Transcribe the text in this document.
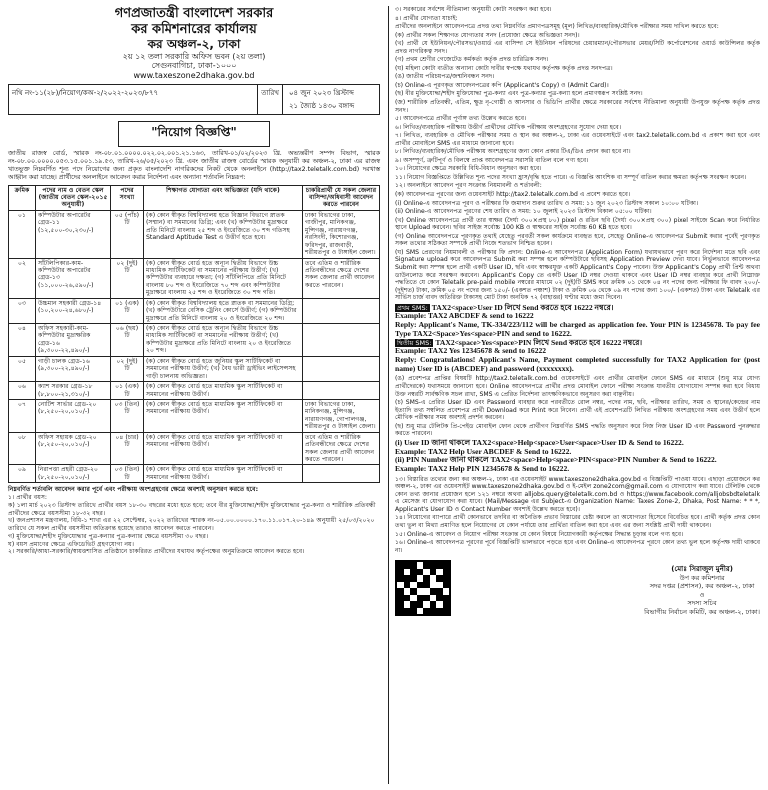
গণপ্রজাতন্ত্রী বাংলাদেশ সরকার
কর কমিশনারের কার্যালয়
কর অঞ্চল-২, ঢাকা
২য় ১২ তলা সরকারি অফিস ভবন (২য় তলা)
সেগুনবাগিচা, ঢাকা-১০০০
www.taxeszone2dhaka.gov.bd
নথি নং-১১(২৮)/নিয়োগ/কঅ-২/২০২২-২০২৩/৮৭৭	তারিখ	০৪ জুন ২০২৩ খ্রিস্টাব্দ
২১ জ্যৈষ্ঠ ১৪৩০ বঙ্গাব্দ
"নিয়োগ বিজ্ঞপ্তি"
জাতীয় রাজস্ব বোর্ড, স্মারক নং-০৮.০১.০০০০.০২২.০২.০০১.২১.১৬৩, তারিখ-০১/০২/২০২৩ খ্রি. অভ্যন্তরীণ সম্পদ বিভাগ, স্মারক নং-০৮.০০.০০০০.০৫৩.১৫.০০১.১৯.৫৩, তারিখ-২৬/০৫/২০২৩ খ্রি. এবং জাতীয় রাজস্ব বোর্ডের স্মারক অনুযায়ী কর অঞ্চল-২, ঢাকা এর রাজস্ব খাতভুক্ত নিম্নবর্ণিত শূন্য পদে নিয়োগের জন্য প্রকৃত বাংলাদেশি নাগরিকদের নিকট থেকে অনলাইনে (http://tax2.teletalk.com.bd) দরখাস্ত আহ্বান করা যাচ্ছে। প্রার্থীদের অনলাইনে আবেদন করার নির্দেশনা এবং অন্যান্য শর্তাবলি নিম্নরূপ:
ক্রমিক	পদের নাম ও বেতন স্কেল (জাতীয় বেতন স্কেল-২০১৫ অনুযায়ী)	পদের সংখ্যা	শিক্ষাগত যোগ্যতা এবং অভিজ্ঞতা (যদি থাকে)	চাকরিপ্রার্থী যে সকল জেলার বাসিন্দা/অধিবাসী আবেদন করতে পারবেন
০১	কম্পিউটার অপারেটর গ্রেড-১১ (১২,৫০০-৩০,২৩০/-)	০৫ (পাঁচ) টি	(ক) কোন স্বীকৃত বিশ্ববিদ্যালয় হতে বিজ্ঞান বিভাগে স্নাতক (সম্মান) বা সমমানের ডিগ্রি; এবং (খ) কম্পিউটার মুদ্রাক্ষরে প্রতি মিনিটে বাংলায় ২৫ শব্দ ও ইংরেজিতে ৩০ শব্দ গতিসহ Standard Aptitude Test এ উত্তীর্ণ হতে হবে।	ঢাকা বিভাগের ঢাকা, গাজীপুর, মানিকগঞ্জ, মুন্সিগঞ্জ, নারায়ণগঞ্জ, নরসিংদী, কিশোরগঞ্জ, ফরিদপুর, রাজবাড়ী, শরীয়তপুর ও টাঙ্গাইল জেলা।
০২	সাঁটলিপিকার-কাম-কম্পিউটার অপারেটর গ্রেড-১৩ (১১,০০০-২৬,৫৯০/-)	০২ (দুই) টি	(ক) কোন স্বীকৃত বোর্ড হতে অন্যূন দ্বিতীয় বিভাগে উচ্চ মাধ্যমিক সার্টিফিকেট বা সমমানের পরীক্ষায় উত্তীর্ণ; (খ) কম্পিউটার ব্যবহারে দক্ষতা; (গ) সাঁটলিপিতে প্রতি মিনিটে বাংলায় ৮০ শব্দ ও ইংরেজিতে ৭০ শব্দ এবং কম্পিউটার মুদ্রাক্ষরে বাংলায় ২৫ শব্দ ও ইংরেজিতে ৩০ শব্দ গতি।	তবে এতিম ও শারীরিক প্রতিবন্ধীদের ক্ষেত্রে দেশের সকল জেলার প্রার্থী আবেদন করতে পারবেন।
০৩	উচ্চমান সহকারী গ্রেড-১৪ (১০,২০০-২৪,৬৮০/-)	০১ (এক) টি	(ক) কোন স্বীকৃত বিশ্ববিদ্যালয় হতে স্নাতক বা সমমানের ডিগ্রি; (খ) কম্পিউটারে বেসিক ট্রেনিং কোর্সে উত্তীর্ণ; (গ) কম্পিউটার মুদ্রাক্ষরে প্রতি মিনিটে বাংলায় ২০ ও ইংরেজিতে ২০ শব্দ।	
০৪	অফিস সহকারী-কাম-কম্পিউটার মুদ্রাক্ষরিক গ্রেড-১৬ (৯,৩০০-২২,৪৯০/-)	০৬ (ছয়) টি	(ক) কোন স্বীকৃত বোর্ড হতে অন্যূন দ্বিতীয় বিভাগে উচ্চ মাধ্যমিক সার্টিফিকেট বা সমমানের পরীক্ষায় উত্তীর্ণ; (খ) কম্পিউটার মুদ্রাক্ষরে প্রতি মিনিটে বাংলায় ২০ ও ইংরেজিতে ২০ শব্দ।	
০৫	গাড়ী চালক গ্রেড-১৬ (৯,৩০০-২২,৪৯০/-)	০২ (দুই) টি	(ক) কোন স্বীকৃত বোর্ড হতে জুনিয়র স্কুল সার্টিফিকেট বা সমমানের পরীক্ষায় উত্তীর্ণ; (খ) বৈধ ভারী ড্রাইভিং লাইসেন্সসহ গাড়ী চালনায় অভিজ্ঞতা।	
০৬	ক্যাশ সরকার গ্রেড-১৮ (৮,৮০০-২১,৩১০/-)	০১ (এক) টি	(ক) কোন স্বীকৃত বোর্ড হতে মাধ্যমিক স্কুল সার্টিফিকেট বা সমমানের পরীক্ষায় উত্তীর্ণ।	
০৭	নোটিশ সার্ভার গ্রেড-২০ (৮,২৫০-২০,০১০/-)	০৩ (তিন) টি	(ক) কোন স্বীকৃত বোর্ড হতে মাধ্যমিক স্কুল সার্টিফিকেট বা সমমানের পরীক্ষায় উত্তীর্ণ।	ঢাকা বিভাগের ঢাকা, মানিকগঞ্জ, মুন্সিগঞ্জ, নারায়ণগঞ্জ, গোপালগঞ্জ, শরীয়তপুর ও টাঙ্গাইল জেলা।
০৮	অফিস সহায়ক গ্রেড-২০ (৮,২৫০-২০,০১০/-)	০৪ (চার) টি	(ক) কোন স্বীকৃত বোর্ড হতে মাধ্যমিক স্কুল সার্টিফিকেট বা সমমানের পরীক্ষায় উত্তীর্ণ।	তবে এতিম ও শারীরিক প্রতিবন্ধীদের ক্ষেত্রে দেশের সকল জেলার প্রার্থী আবেদন করতে পারবেন।
০৯	নিরাপত্তা প্রহরী গ্রেড-২০ (৮,২৫০-২০,০১০/-)	০৩ (তিন) টি	(ক) কোন স্বীকৃত বোর্ড হতে মাধ্যমিক স্কুল সার্টিফিকেট বা সমমানের পরীক্ষায় উত্তীর্ণ।	
নিম্নবর্ণিত শর্তাবলি আবেদন করার পূর্বে এবং পরীক্ষায় অংশগ্রহণের ক্ষেত্রে অবশ্যই অনুসরণ করতে হবে:
১। প্রার্থীর বয়স:
ক) ১লা মার্চ ২০২৩ খ্রিস্টাব্দ তারিখে প্রার্থীর বয়স ১৮-৩০ বছরের মধ্যে হতে হবে; তবে বীর মুক্তিযোদ্ধা/শহীদ মুক্তিযোদ্ধার পুত্র-কন্যা ও শারীরিক প্রতিবন্ধী প্রার্থীদের ক্ষেত্রে বয়সসীমা ১৮-৩২ বছর।
খ) জনপ্রশাসন মন্ত্রণালয়, বিধি-১ শাখা এর ২২ সেপ্টেম্বর, ২০২২ তারিখের স্মারক নং-০৫.০০.০০০০.১৭০.১১.০১৭.২০-১৪৯ অনুযায়ী ২৫/০৩/২০২০ তারিখে যে সকল প্রার্থীর বয়সসীমা অতিক্রান্ত হয়েছে তারাও আবেদন করতে পারবেন।
গ) মুক্তিযোদ্ধা/শহীদ মুক্তিযোদ্ধার পুত্র-কন্যার পুত্র-কন্যার ক্ষেত্রে বয়সসীমা ৩০ বছর।
ঘ) বয়স প্রমাণের ক্ষেত্রে এফিডেভিট গ্রহণযোগ্য নয়।
২। সরকারি/আধা-সরকারি/স্বায়ত্তশাসিত প্রতিষ্ঠানে চাকরিরত প্রার্থীদের যথাযথ কর্তৃপক্ষের অনুমতিক্রমে আবেদন করতে হবে।

৩। সরকারের সর্বশেষ নীতিমালা অনুযায়ী কোটা সংরক্ষণ করা হবে।

৪। প্রার্থীর যোগ্যতা যাচাই:

প্রার্থীদের অনলাইনে আবেদনপত্রে প্রদত্ত তথ্য নিম্নবর্ণিত প্রমাণপত্রসমূহ (মূল) লিখিত/ব্যবহারিক/মৌখিক পরীক্ষার সময় দাখিল করতে হবে:

(ক) প্রার্থীর সকল শিক্ষাগত যোগ্যতার সনদ (প্রযোজ্য ক্ষেত্রে অভিজ্ঞতা সনদ)।

(খ) প্রার্থী যে ইউনিয়ন/পৌরসভা/ওয়ার্ড এর বাসিন্দা সে ইউনিয়ন পরিষদের চেয়ারম্যান/পৌরসভার মেয়র/সিটি কর্পোরেশনের ওয়ার্ড কাউন্সিলর কর্তৃক প্রদত্ত নাগরিকত্ব সনদ।

(গ) প্রথম শ্রেণীর গেজেটেড কর্মকর্তা কর্তৃক প্রদত্ত চারিত্রিক সনদ।

(ঘ) মহিলা কোটা ব্যতীত অন্যান্য কোটা দাবীর স্বপক্ষে যথাযথ কর্তৃপক্ষ কর্তৃক প্রদত্ত সনদপত্র।

(ঙ) জাতীয় পরিচয়পত্র/জন্মনিবন্ধন সনদ।

(চ) Online-এ পূরণকৃত আবেদনপত্রের কপি (Applicant's Copy) ও (Admit Card)।

(ছ) বীর মুক্তিযোদ্ধা/শহীদ মুক্তিযোদ্ধা পুত্র-কন্যা এবং পুত্র-কন্যার পুত্র-কন্যা হলে প্রমাণস্বরূপ সংশ্লিষ্ট সনদ।

(জ) শারীরিক প্রতিবন্ধী, এতিম, ক্ষুদ্র নৃ-গোষ্ঠী ও আনসার ও ভিডিপি প্রার্থীর ক্ষেত্রে সরকারের সর্বশেষ নীতিমালা অনুযায়ী উপযুক্ত কর্তৃপক্ষ কর্তৃক প্রদত্ত সনদ।

৫। আবেদনপত্রে প্রার্থীর পূর্ণাঙ্গ তথ্য উল্লেখ করতে হবে।

৬। লিখিত/ব্যবহারিক পরীক্ষায় উত্তীর্ণ প্রার্থীদের মৌখিক পরীক্ষায় অংশগ্রহণের সুযোগ দেয়া হবে।

৭। লিখিত, ব্যবহারিক ও মৌখিক পরীক্ষার সময় ও স্থান কর অঞ্চল-২, ঢাকা এর ওয়েবসাইটে এবং tax2.teletalk.com.bd এ প্রকাশ করা হবে এবং প্রার্থীর মোবাইলে SMS এর মাধ্যমে জানানো হবে।

৮। লিখিত/ব্যবহারিক/মৌখিক পরীক্ষায় অংশগ্রহণের জন্য কোন প্রকার টিএ/ডিএ প্রদান করা হবে না।

৯। অসম্পূর্ণ, ত্রুটিপূর্ণ ও বিলম্বে প্রাপ্ত আবেদনপত্র সরাসরি বাতিল বলে গণ্য হবে।

১০। নিয়োগের ক্ষেত্রে সরকারি বিধি-বিধান অনুসরণ করা হবে।

১১। নিয়োগ বিজ্ঞপ্তিতে উল্লিখিত শূন্য পদের সংখ্যা হ্রাস/বৃদ্ধি হতে পারে। এ বিজ্ঞপ্তি আংশিক বা সম্পূর্ণ বাতিল করার ক্ষমতা কর্তৃপক্ষ সংরক্ষণ করেন।

১২। অনলাইনে আবেদন পূরণ সংক্রান্ত নিয়মাবলী ও শর্তাবলী:

(ক) আবেদনপত্র পূরণের জন্য ওয়েবসাইট http://tax2.teletalk.com.bd এ প্রবেশ করতে হবে।

(i) Online-এ আবেদনপত্র পূরণ ও পরীক্ষার ফি জমাদান শুরুর তারিখ ও সময়: ১১ জুন ২০২৩ খ্রিস্টাব্দ সকাল ১০:০০ ঘটিকা।

(ii) Online-এ আবেদনপত্র পূরণের শেষ তারিখ ও সময়: ১০ জুলাই ২০২৩ খ্রিস্টাব্দ বিকাল ০৫:০০ ঘটিকা।

(খ) Online আবেদনপত্রে প্রার্থী তার স্বাক্ষর (দৈর্ঘ্য ৩০০×প্রস্থ ৮০) pixel ও রঙিন ছবি (দৈর্ঘ্য ৩০০×প্রস্থ ৩০০) pixel সাইজে Scan করে নির্ধারিত স্থানে Upload করবেন। ছবির সাইজ সর্বোচ্চ 100 KB ও স্বাক্ষরের সাইজ সর্বোচ্চ 60 KB হতে হবে।

(গ) Online আবেদনপত্রে পূরণকৃত তথ্যই যেহেতু পরবর্তী সকল কার্যক্রমে ব্যবহৃত হবে, সেহেতু Online-এ আবেদনপত্র Submit করার পূর্বেই পূরণকৃত সকল তথ্যের সঠিকতা সম্পর্কে প্রার্থী নিজে শতভাগ নিশ্চিত হবেন।

(ঘ) SMS প্রেরণের নিয়মাবলী ও পরীক্ষার ফি প্রদান: Online-এ আবেদনপত্র (Application Form) যথাযথভাবে পূরণ করে নির্দেশনা মতে ছবি এবং Signature upload করে আবেদনপত্র Submit করা সম্পন্ন হলে কম্পিউটারে ছবিসহ Application Preview দেখা যাবে। নির্ভুলভাবে আবেদনপত্র Submit করা সম্পন্ন হলে প্রার্থী একটি User ID, ছবি এবং স্বাক্ষরযুক্ত একটি Applicant's Copy পাবেন। উক্ত Applicant's Copy প্রার্থী প্রিন্ট অথবা ডাউনলোড করে সংরক্ষণ করবেন। Applicant's Copy তে একটি User ID নম্বর দেওয়া থাকবে এবং User ID নম্বর ব্যবহার করে প্রার্থী নিম্নোক্ত পদ্ধতিতে যে কোন Teletalk pre-paid mobile নম্বরের মাধ্যমে ০২ (দুই)টি SMS করে ক্রমিক ০১ থেকে ০৪ নং পদের জন্য পরীক্ষার ফি বাবদ ২০০/- (দুইশত) টাকা, ক্রমিক ০৫ নং পদের জন্য ১৫০/- (একশত পঞ্চাশ) টাকা ও ক্রমিক ০৬ থেকে ০৯ নং পদের জন্য ১০০/- (একশত) টাকা এবং Teletalk এর সার্ভিস চার্জ বাবদ অতিরিক্ত টাকাসহ মোট টাকা অনধিক ৭২ (বাহাত্তর) ঘণ্টার মধ্যে জমা দিবেন।

প্রথম SMS: TAX2<space>User ID লিখে Send করতে হবে 16222 নম্বরে।
Example: TAX2 ABCDEF & send to 16222
Reply: Applicant's Name, TK-334/223/112 will be charged as application fee. Your PIN is 12345678. To pay fee Type TAX2<Space>Yes<space>PIN and send to 16222.
দ্বিতীয় SMS: TAX2<space>Yes<space>PIN লিখে Send করতে হবে 16222 নম্বরে।
Example: TAX2 Yes 12345678 & send to 16222
Reply: Congratulations! Applicant's Name, Payment completed successfully for TAX2 Application for (post name) User ID is (ABCDEF) and password (xxxxxxxx).

(ঙ) প্রবেশপত্র প্রাপ্তির বিষয়টি http://tax2.teletalk.com.bd ওয়েবসাইটে এবং প্রার্থীর মোবাইল ফোনে SMS এর মাধ্যমে (শুধু মাত্র যোগ্য প্রার্থীদেরকে) যথাসময়ে জানানো হবে। Online আবেদনপত্রে প্রার্থীর প্রদত্ত মোবাইল ফোনে পরীক্ষা সংক্রান্ত যাবতীয় যোগাযোগ সম্পন্ন করা হবে বিধায় উক্ত নম্বরটি সার্বক্ষণিক সচল রাখা, SMS এ প্রেরিত নির্দেশনা তাৎক্ষণিকভাবে অনুসরণ করা বাঞ্ছনীয়।

(চ) SMS-এ প্রেরিত User ID এবং Password ব্যবহার করে পরবর্তীতে রোল নম্বর, পদের নাম, ছবি, পরীক্ষার তারিখ, সময় ও স্থানের/কেন্দ্রের নাম ইত্যাদি তথ্য সম্বলিত প্রবেশপত্র প্রার্থী Download করে Print করে নিবেন। প্রার্থী এই প্রবেশপত্রটি লিখিত পরীক্ষায় অংশগ্রহণের সময় এবং উত্তীর্ণ হলে মৌখিক পরীক্ষার সময় অবশ্যই প্রদর্শন করবেন।

(ছ) শুধু মাত্র টেলিটক প্রি-পেইড মোবাইল ফোন থেকে প্রার্থীগণ নিম্নবর্ণিত SMS পদ্ধতি অনুসরণ করে নিজ নিজ User ID এবং Password পুনরুদ্ধার করতে পারবেন।

(i) User ID জানা থাকলে TAX2<space>Help<space>User<space>User ID & Send to 16222.
Example: TAX2 Help User ABCDEF & Send to 16222.
(ii) PIN Number জানা থাকলে TAX2<space>Help<space>PIN<space>PIN Number & Send to 16222.
Example: TAX2 Help PIN 12345678 & Send to 16222.

১৩। বিস্তারিত তথ্যের জন্য কর অঞ্চল-২, ঢাকা এর ওয়েবসাইট www.taxeszone2dhaka.gov.bd এ বিজ্ঞপ্তিটি পাওয়া যাবে। এছাড়া প্রয়োজনে কর অঞ্চল-২, ঢাকা এর ওয়েবসাইট www.taxeszone2dhaka.gov.bd ও ই-মেইল zone2com@gmail.com এ যোগাযোগ করা যাবে। টেলিটক থেকে কোন তথ্য জানার প্রয়োজন হলে ১২১ নম্বরে অথবা alljobs.query@teletalk.com.bd ও https://www.facebook.com/alljobsbdteletalk এ মেসেজ বা যোগাযোগ করা যাবে। (Mail/Message এর Subject-এ Organization Name: Taxes Zone-2, Dhaka, Post Name: * * *, Applicant's User ID ও Contact Number অবশ্যই উল্লেখ করতে হবে)।

১৪। নিয়োগের ব্যাপারে প্রার্থী কোনভাবে তদবির বা অনৈতিক প্রভাব বিস্তারের চেষ্টা করলে তা অযোগ্যতা হিসেবে বিবেচিত হবে। প্রার্থী কর্তৃক প্রদত্ত কোন তথ্য ভুল বা মিথ্যা প্রমাণিত হলে নিয়োগের যে কোন পর্যায়ে তার প্রার্থিতা বাতিল করা হবে এবং এর জন্য সংশ্লিষ্ট প্রার্থী দায়ী থাকবেন।

১৫। Online-এ আবেদন ও নিয়োগ পরীক্ষা সংক্রান্ত যে কোন বিষয়ে নিয়োগকারী কর্তৃপক্ষের সিদ্ধান্ত চূড়ান্ত বলে গণ্য হবে।

১৬। Online-এ আবেদনপত্র পূরণের পূর্বে বিজ্ঞপ্তিটি ভালভাবে পড়তে হবে এবং Online-এ আবেদনপত্র পূরণে কোন তথ্য ভুল হলে কর্তৃপক্ষ দায়ী থাকবে না।

(মোঃ সিরাজুল মুনীর)
উপ কর কমিশনার
সদর দপ্তর (প্রশাসন), কর অঞ্চল-২, ঢাকা
ও
সদস্য সচিব
বিভাগীয় নির্বাচন কমিটি, কর অঞ্চল-২, ঢাকা।
